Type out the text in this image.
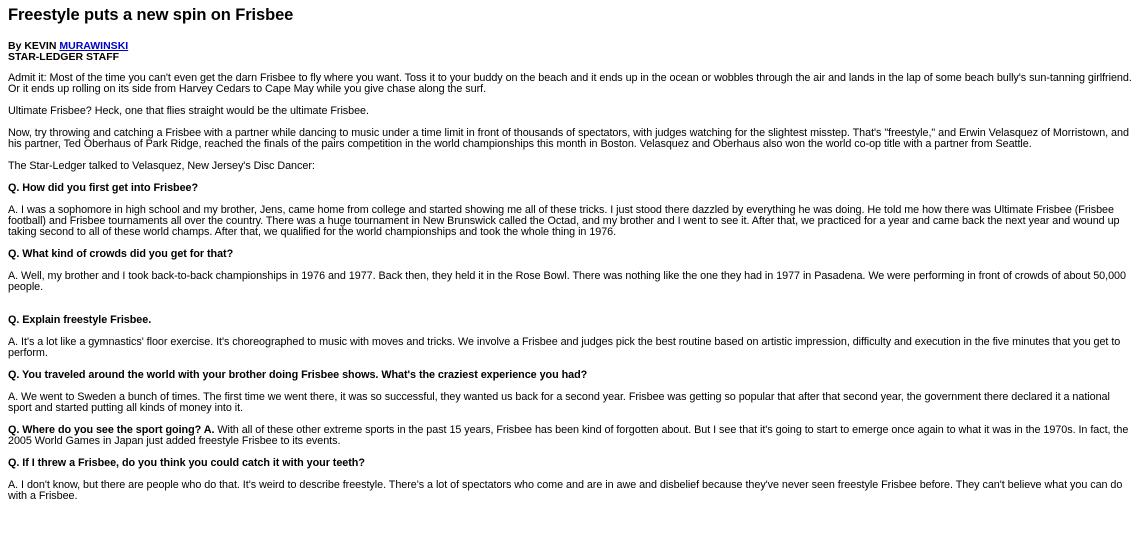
Freestyle puts a new spin on Frisbee
By KEVIN MURAWINSKI
STAR-LEDGER STAFF

Admit it: Most of the time you can't even get the darn Frisbee to fly where you want. Toss it to your buddy on the beach and it ends up in the ocean or wobbles through the air and lands in the lap of some beach bully's sun-tanning girlfriend. Or it ends up rolling on its side from Harvey Cedars to Cape May while you give chase along the surf.

Ultimate Frisbee? Heck, one that flies straight would be the ultimate Frisbee.

Now, try throwing and catching a Frisbee with a partner while dancing to music under a time limit in front of thousands of spectators, with judges watching for the slightest misstep. That's "freestyle," and Erwin Velasquez of Morristown, and his partner, Ted Oberhaus of Park Ridge, reached the finals of the pairs competition in the world championships this month in Boston. Velasquez and Oberhaus also won the world co-op title with a partner from Seattle.

The Star-Ledger talked to Velasquez, New Jersey's Disc Dancer:

Q. How did you first get into Frisbee?

A. I was a sophomore in high school and my brother, Jens, came home from college and started showing me all of these tricks. I just stood there dazzled by everything he was doing. He told me how there was Ultimate Frisbee (Frisbee football) and Frisbee tournaments all over the country. There was a huge tournament in New Brunswick called the Octad, and my brother and I went to see it. After that, we practiced for a year and came back the next year and wound up taking second to all of these world champs. After that, we qualified for the world championships and took the whole thing in 1976.

Q. What kind of crowds did you get for that?

A. Well, my brother and I took back-to-back championships in 1976 and 1977. Back then, they held it in the Rose Bowl. There was nothing like the one they had in 1977 in Pasadena. We were performing in front of crowds of about 50,000 people.

Q. Explain freestyle Frisbee.

A. It's a lot like a gymnastics' floor exercise. It's choreographed to music with moves and tricks. We involve a Frisbee and judges pick the best routine based on artistic impression, difficulty and execution in the five minutes that you get to perform.

Q. You traveled around the world with your brother doing Frisbee shows. What's the craziest experience you had?

A. We went to Sweden a bunch of times. The first time we went there, it was so successful, they wanted us back for a second year. Frisbee was getting so popular that after that second year, the government there declared it a national sport and started putting all kinds of money into it.

Q. Where do you see the sport going? A. With all of these other extreme sports in the past 15 years, Frisbee has been kind of forgotten about. But I see that it's going to start to emerge once again to what it was in the 1970s. In fact, the 2005 World Games in Japan just added freestyle Frisbee to its events.

Q. If I threw a Frisbee, do you think you could catch it with your teeth?

A. I don't know, but there are people who do that. It's weird to describe freestyle. There's a lot of spectators who come and are in awe and disbelief because they've never seen freestyle Frisbee before. They can't believe what you can do with a Frisbee.
